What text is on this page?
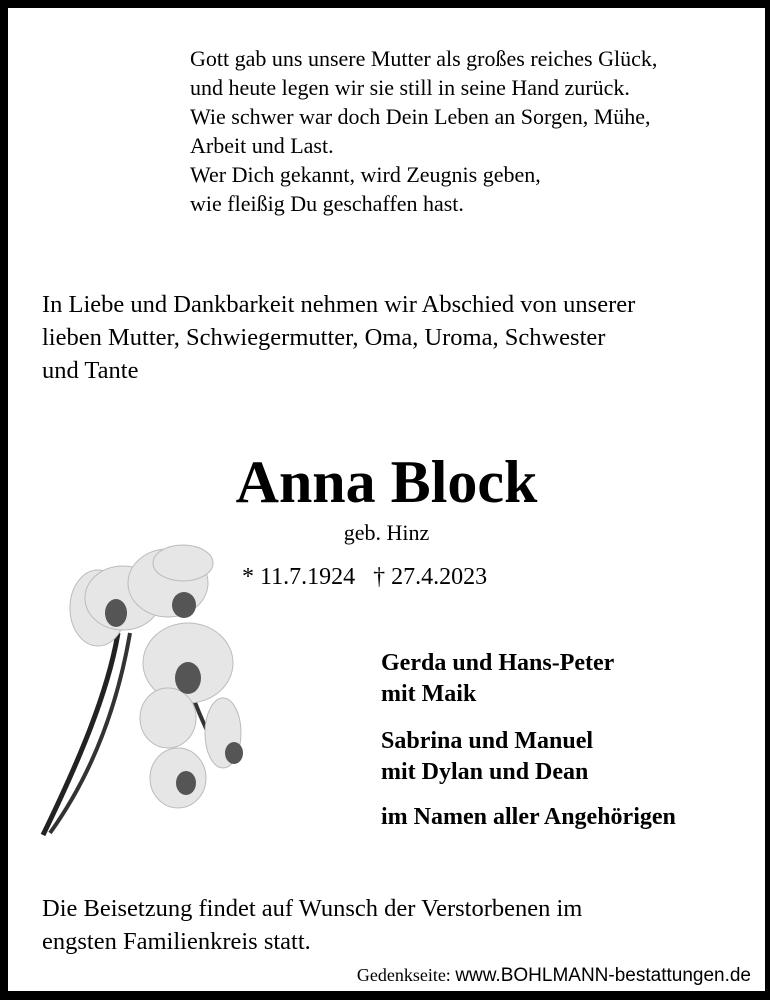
Gott gab uns unsere Mutter als großes reiches Glück,
und heute legen wir sie still in seine Hand zurück.
Wie schwer war doch Dein Leben an Sorgen, Mühe,
Arbeit und Last.
Wer Dich gekannt, wird Zeugnis geben,
wie fleißig Du geschaffen hast.
In Liebe und Dankbarkeit nehmen wir Abschied von unserer
lieben Mutter, Schwiegermutter, Oma, Uroma, Schwester
und Tante
Anna Block
geb. Hinz
* 11.7.1924 † 27.4.2023
Gerda und Hans-Peter
mit Maik
Sabrina und Manuel
mit Dylan und Dean
im Namen aller Angehörigen
Die Beisetzung findet auf Wunsch der Verstorbenen im
engsten Familienkreis statt.
Gedenkseite: www.BOHLMANN-bestattungen.de
